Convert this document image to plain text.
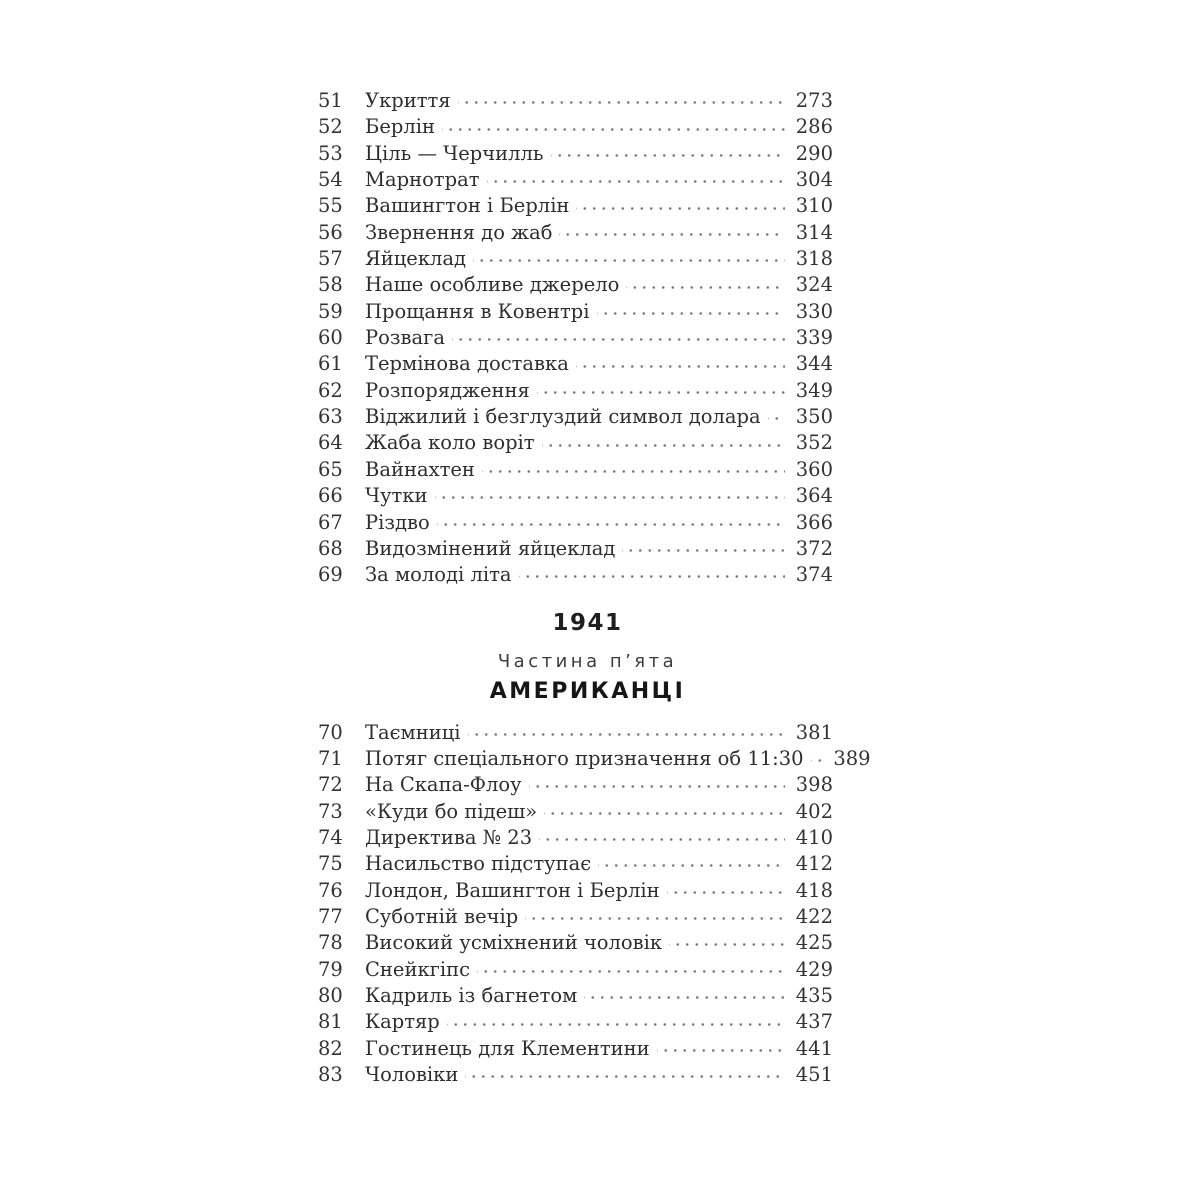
51	Укриття	273
52	Берлін	286
53	Ціль — Черчилль	290
54	Марнотрат	304
55	Вашингтон і Берлін	310
56	Звернення до жаб	314
57	Яйцеклад	318
58	Наше особливе джерело	324
59	Прощання в Ковентрі	330
60	Розвага	339
61	Термінова доставка	344
62	Розпорядження	349
63	Віджилий і безглуздий символ долара	350
64	Жаба коло воріт	352
65	Вайнахтен	360
66	Чутки	364
67	Різдво	366
68	Видозмінений яйцеклад	372
69	За молоді літа	374
1941
Частина п’ята
АМЕРИКАНЦІ
70	Таємниці	381
71	Потяг спеціального призначення об 11:30	389
72	На Скапа-Флоу	398
73	«Куди бо підеш»	402
74	Директива № 23	410
75	Насильство підступає	412
76	Лондон, Вашингтон і Берлін	418
77	Суботній вечір	422
78	Високий усміхнений чоловік	425
79	Снейкгіпс	429
80	Кадриль із багнетом	435
81	Картяр	437
82	Гостинець для Клементини	441
83	Чоловіки	451
